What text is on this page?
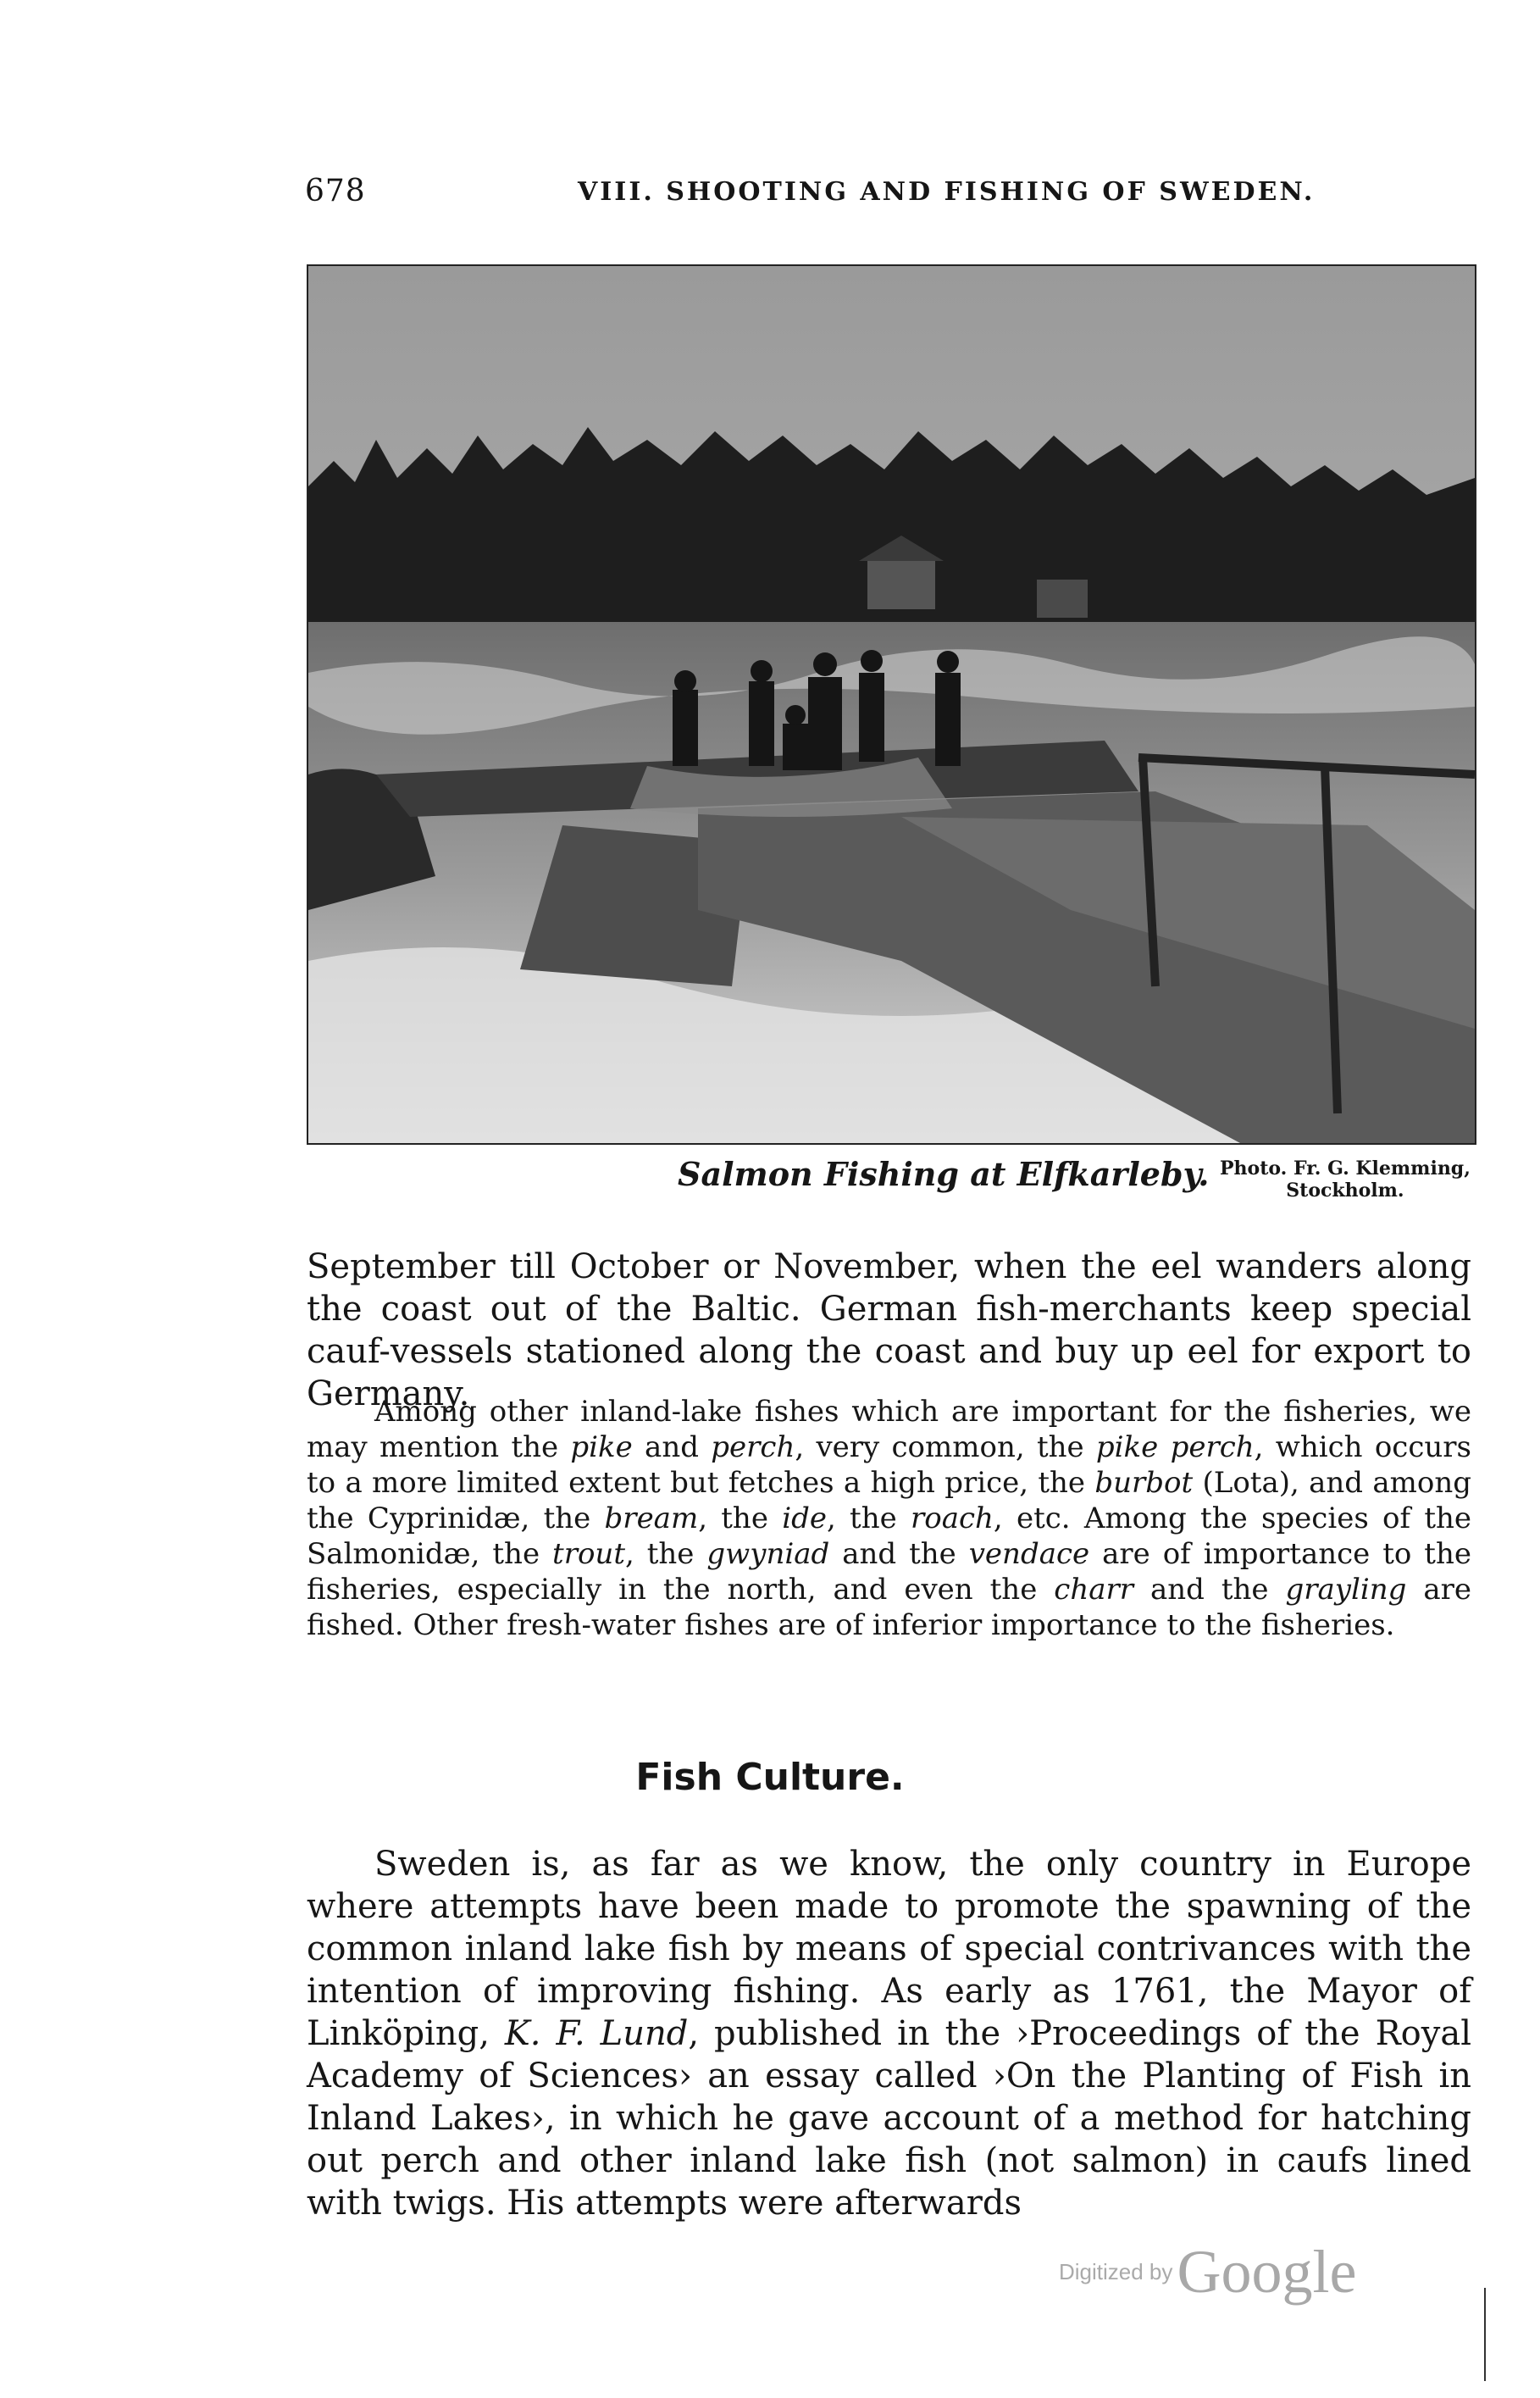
678	VIII. SHOOTING AND FISHING OF SWEDEN.
Salmon Fishing at Elfkarleby. Photo. Fr. G. Klemming,
Stockholm.

September till October or November, when the eel wanders along the coast out of the Baltic. German fish-merchants keep special cauf-vessels stationed along the coast and buy up eel for export to Germany.

Among other inland-lake fishes which are important for the fisheries, we may mention the pike and perch, very common, the pike perch, which occurs to a more limited extent but fetches a high price, the burbot (Lota), and among the Cyprinidæ, the bream, the ide, the roach, etc. Among the species of the Salmonidæ, the trout, the gwyniad and the vendace are of importance to the fisheries, especially in the north, and even the charr and the grayling are fished. Other fresh-water fishes are of inferior importance to the fisheries.

Fish Culture.

Sweden is, as far as we know, the only country in Europe where attempts have been made to promote the spawning of the common inland lake fish by means of special contrivances with the intention of improving fishing. As early as 1761, the Mayor of Linköping, K. F. Lund, published in the ›Proceedings of the Royal Academy of Sciences› an essay called ›On the Planting of Fish in Inland Lakes›, in which he gave account of a method for hatching out perch and other inland lake fish (not salmon) in caufs lined with twigs. His attempts were afterwards

Digitized by Google
